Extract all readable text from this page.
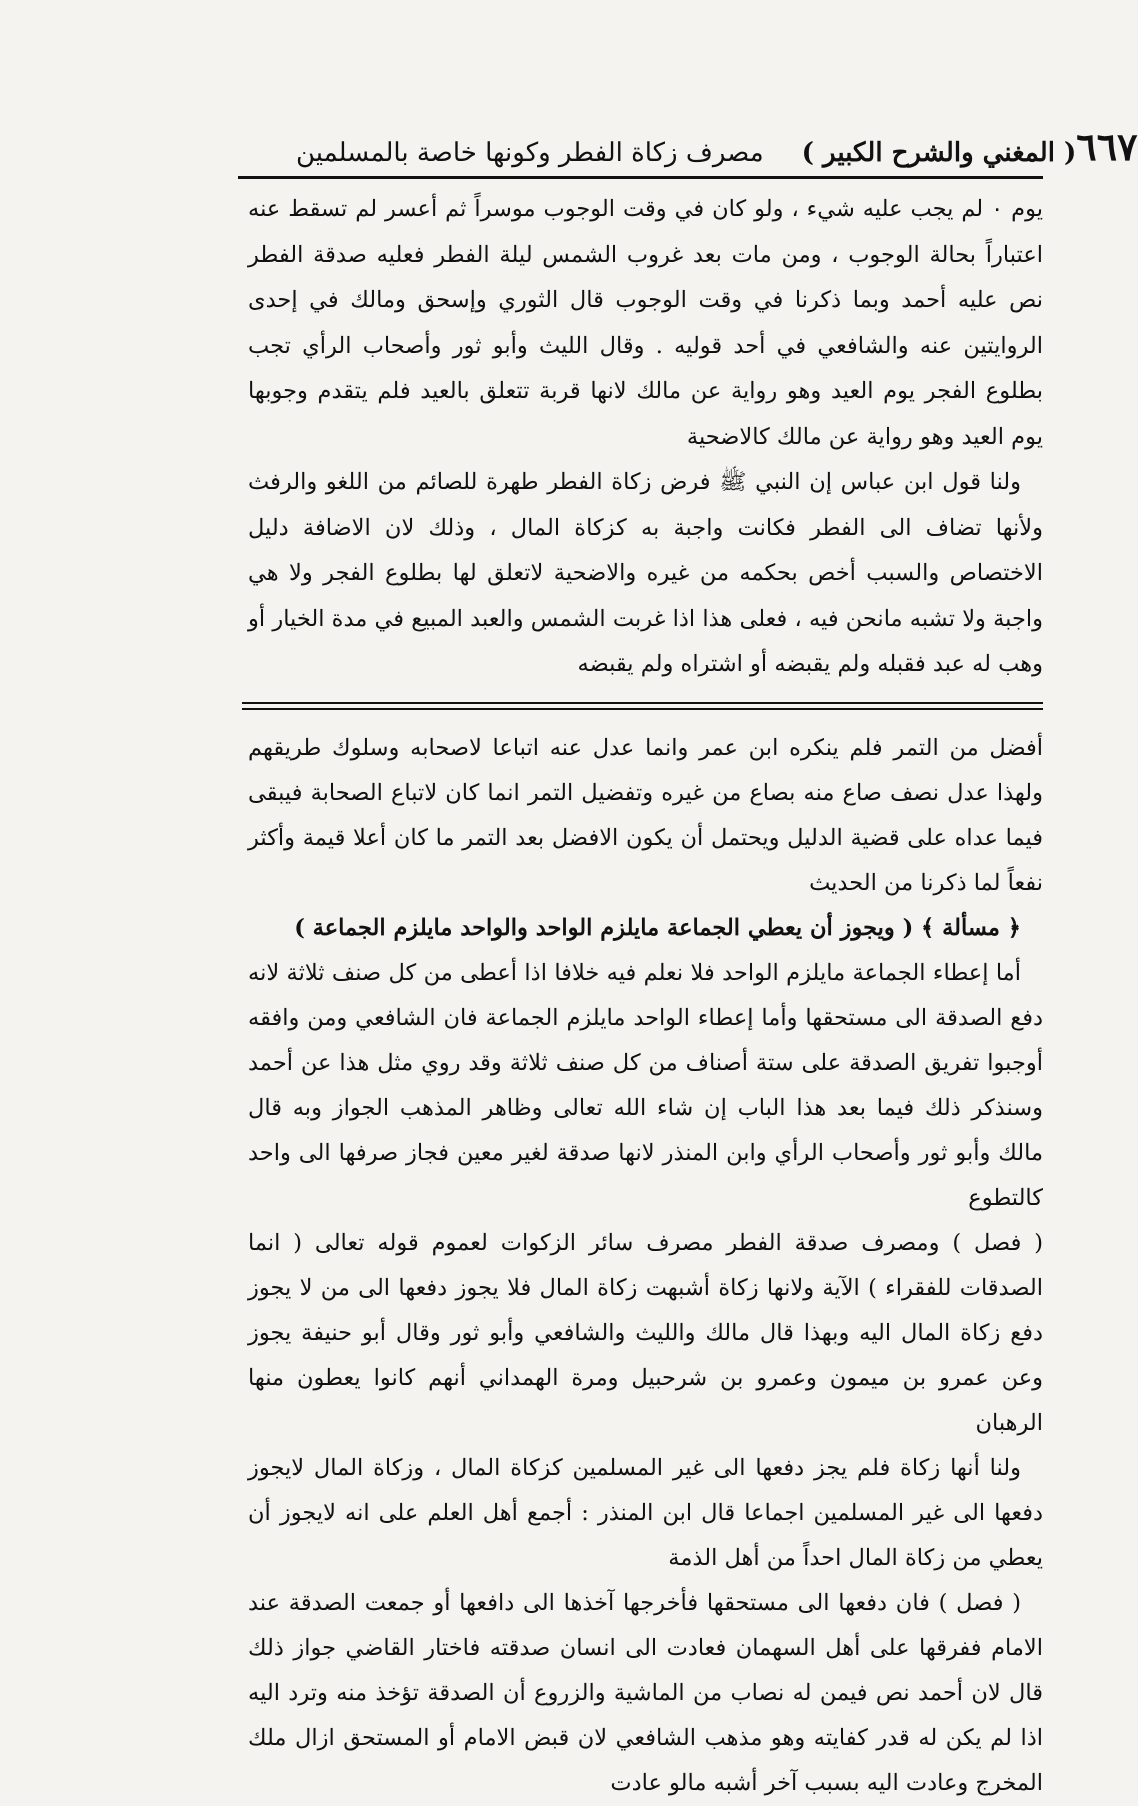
( المغني والشرح الكبير )
مصرف زكاة الفطر وكونها خاصة بالمسلمين	٦٦٧

يوم ٠ لم يجب عليه شيء ، ولو كان في وقت الوجوب موسراً ثم أعسر لم تسقط عنه اعتباراً بحالة الوجوب ، ومن مات بعد غروب الشمس ليلة الفطر فعليه صدقة الفطر نص عليه أحمد وبما ذكرنا في وقت الوجوب قال الثوري وإسحق ومالك في إحدى الروايتين عنه والشافعي في أحد قوليه . وقال الليث وأبو ثور وأصحاب الرأي تجب بطلوع الفجر يوم العيد وهو رواية عن مالك لانها قربة تتعلق بالعيد فلم يتقدم وجوبها يوم العيد وهو رواية عن مالك كالاضحية

ولنا قول ابن عباس إن النبي ﷺ فرض زكاة الفطر طهرة للصائم من اللغو والرفث ولأنها تضاف الى الفطر فكانت واجبة به كزكاة المال ، وذلك لان الاضافة دليل الاختصاص والسبب أخص بحكمه من غيره والاضحية لاتعلق لها بطلوع الفجر ولا هي واجبة ولا تشبه مانحن فيه ، فعلى هذا اذا غربت الشمس والعبد المبيع في مدة الخيار أو وهب له عبد فقبله ولم يقبضه أو اشتراه ولم يقبضه

أفضل من التمر فلم ينكره ابن عمر وانما عدل عنه اتباعا لاصحابه وسلوك طريقهم ولهذا عدل نصف صاع منه بصاع من غيره وتفضيل التمر انما كان لاتباع الصحابة فيبقى فيما عداه على قضية الدليل ويحتمل أن يكون الافضل بعد التمر ما كان أعلا قيمة وأكثر نفعاً لما ذكرنا من الحديث

﴿ مسألة ﴾ ( ويجوز أن يعطي الجماعة مايلزم الواحد والواحد مايلزم الجماعة )

أما إعطاء الجماعة مايلزم الواحد فلا نعلم فيه خلافا اذا أعطى من كل صنف ثلاثة لانه دفع الصدقة الى مستحقها وأما إعطاء الواحد مايلزم الجماعة فان الشافعي ومن وافقه أوجبوا تفريق الصدقة على ستة أصناف من كل صنف ثلاثة وقد روي مثل هذا عن أحمد وسنذكر ذلك فيما بعد هذا الباب إن شاء الله تعالى وظاهر المذهب الجواز وبه قال مالك وأبو ثور وأصحاب الرأي وابن المنذر لانها صدقة لغير معين فجاز صرفها الى واحد كالتطوع

( فصل ) ومصرف صدقة الفطر مصرف سائر الزكوات لعموم قوله تعالى ( انما الصدقات للفقراء ) الآية ولانها زكاة أشبهت زكاة المال فلا يجوز دفعها الى من لا يجوز دفع زكاة المال اليه وبهذا قال مالك والليث والشافعي وأبو ثور وقال أبو حنيفة يجوز وعن عمرو بن ميمون وعمرو بن شرحبيل ومرة الهمداني أنهم كانوا يعطون منها الرهبان

ولنا أنها زكاة فلم يجز دفعها الى غير المسلمين كزكاة المال ، وزكاة المال لايجوز دفعها الى غير المسلمين اجماعا قال ابن المنذر : أجمع أهل العلم على انه لايجوز أن يعطي من زكاة المال احداً من أهل الذمة

( فصل ) فان دفعها الى مستحقها فأخرجها آخذها الى دافعها أو جمعت الصدقة عند الامام ففرقها على أهل السهمان فعادت الى انسان صدقته فاختار القاضي جواز ذلك قال لان أحمد نص فيمن له نصاب من الماشية والزروع أن الصدقة تؤخذ منه وترد اليه اذا لم يكن له قدر كفايته وهو مذهب الشافعي لان قبض الامام أو المستحق ازال ملك المخرج وعادت اليه بسبب آخر أشبه مالو عادت
